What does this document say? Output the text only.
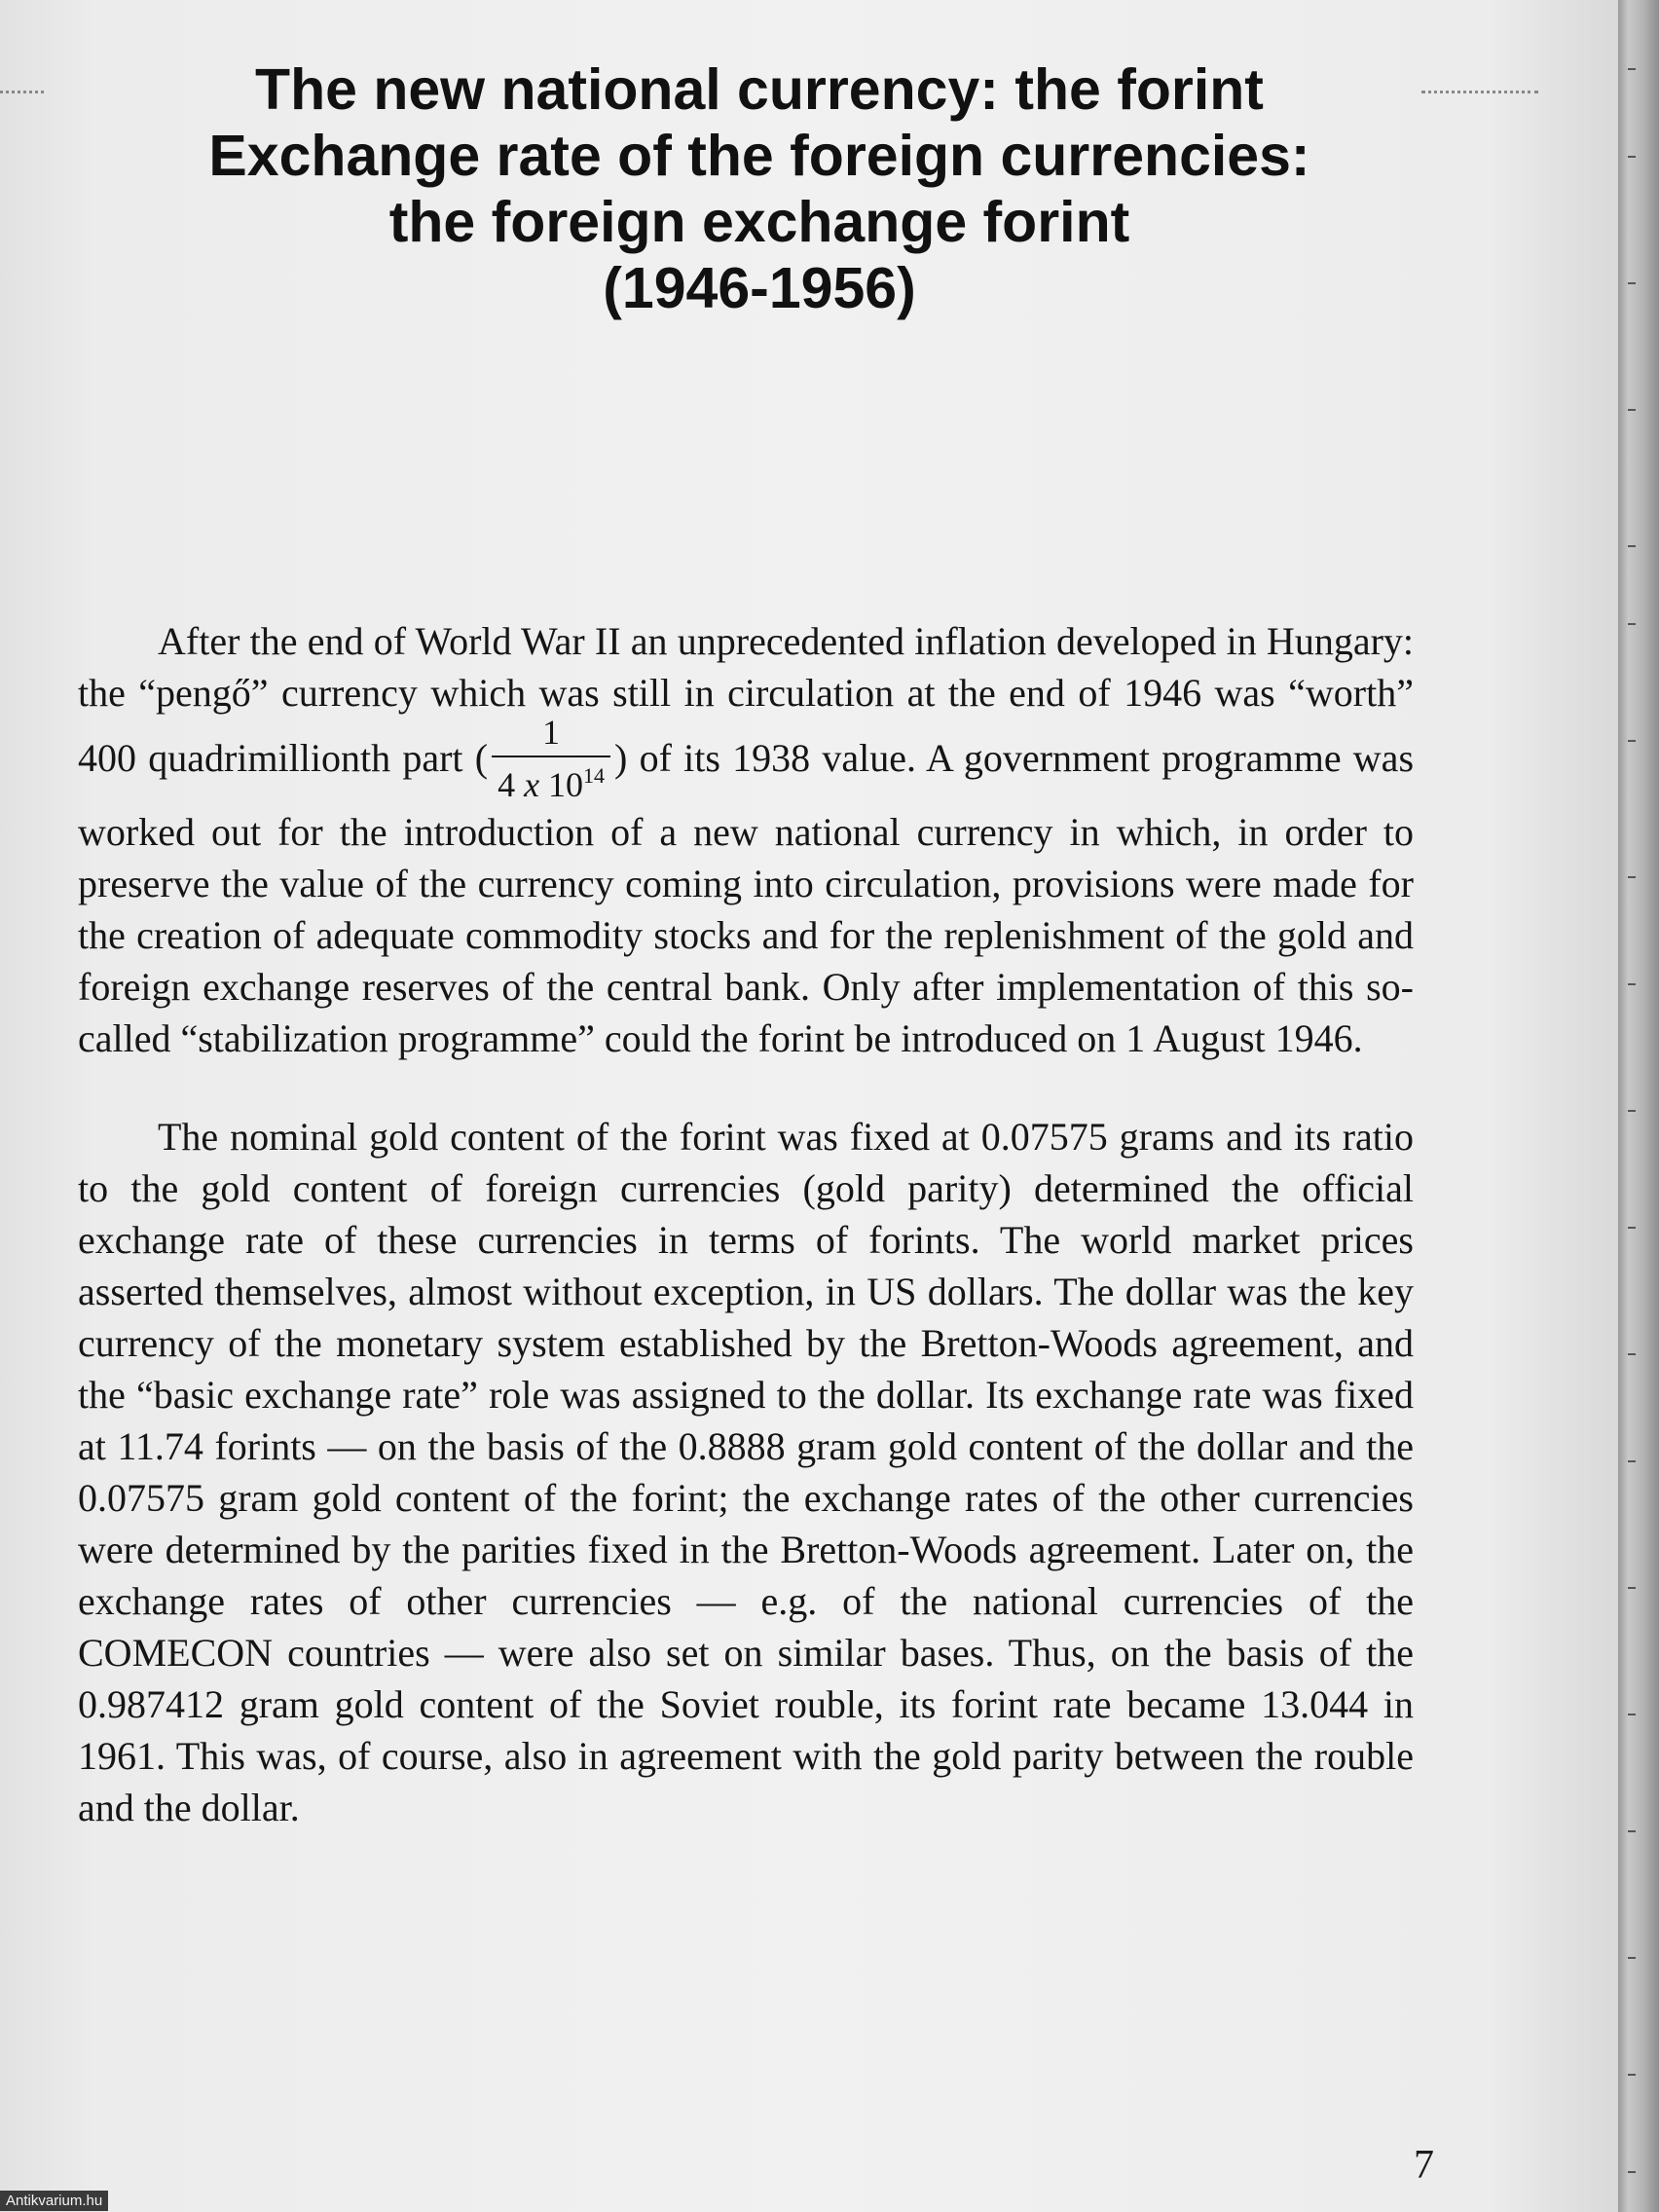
The new national currency: the forint
Exchange rate of the foreign currencies:
the foreign exchange forint
(1946-1956)

After the end of World War II an unprecedented inflation developed in Hungary: the “pengő” currency which was still in circulation at the end of 1946 was “worth” 400 quadrimillionth part ( $\frac{1}{4 x 10^{14}}$ ) of its 1938 value. A government programme was worked out for the introduction of a new national currency in which, in order to preserve the value of the currency coming into circulation, provisions were made for the creation of adequate commodity stocks and for the replenishment of the gold and foreign exchange reserves of the central bank. Only after implementation of this so-called “stabilization programme” could the forint be introduced on 1 August 1946.

The nominal gold content of the forint was fixed at 0.07575 grams and its ratio to the gold content of foreign currencies (gold parity) determined the official exchange rate of these currencies in terms of forints. The world market prices asserted themselves, almost without exception, in US dollars. The dollar was the key currency of the monetary system established by the Bretton-Woods agreement, and the “basic exchange rate” role was assigned to the dollar. Its exchange rate was fixed at 11.74 forints — on the basis of the 0.8888 gram gold content of the dollar and the 0.07575 gram gold content of the forint; the exchange rates of the other currencies were determined by the parities fixed in the Bretton-Woods agreement. Later on, the exchange rates of other currencies — e.g. of the national currencies of the COMECON countries — were also set on similar bases. Thus, on the basis of the 0.987412 gram gold content of the Soviet rouble, its forint rate became 13.044 in 1961. This was, of course, also in agreement with the gold parity between the rouble and the dollar.

7
Antikvarium.hu
